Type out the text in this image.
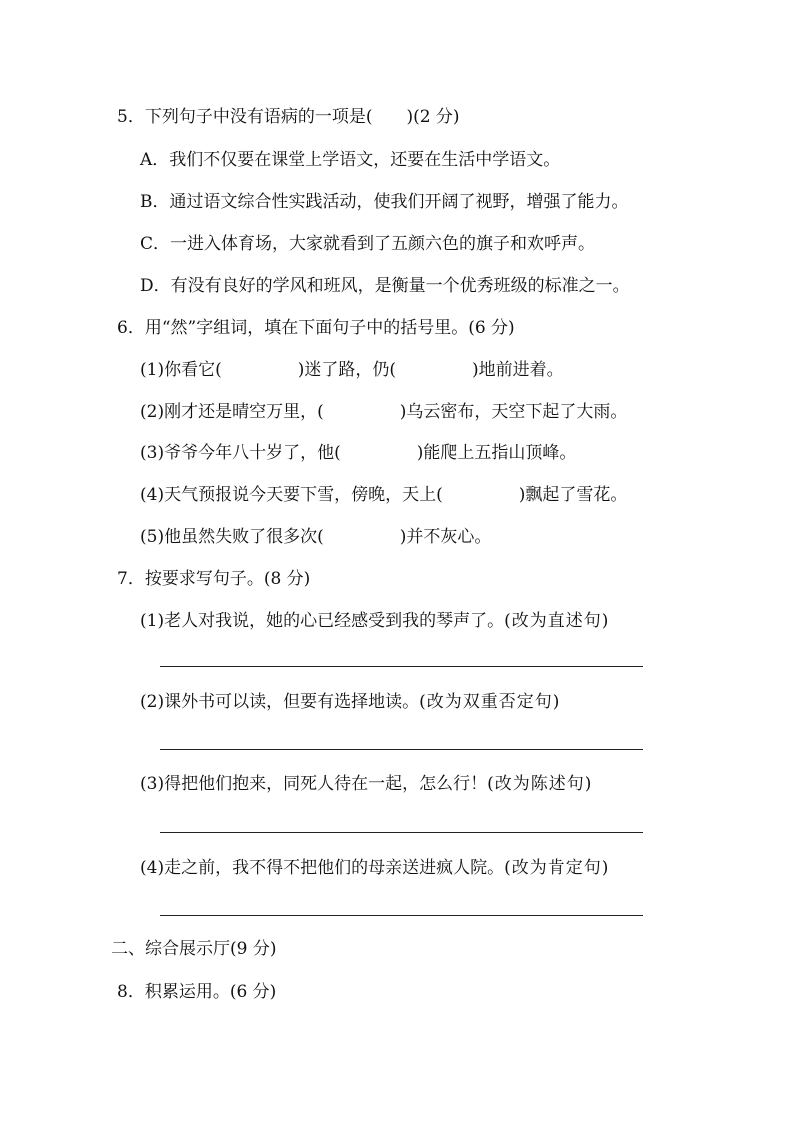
5．下列句子中没有语病的一项是(　　)(2 分)
A．我们不仅要在课堂上学语文，还要在生活中学语文。
B．通过语文综合性实践活动，使我们开阔了视野，增强了能力。
C．一进入体育场，大家就看到了五颜六色的旗子和欢呼声。
D．有没有良好的学风和班风，是衡量一个优秀班级的标准之一。
6．用“然”字组词，填在下面句子中的括号里。(6 分)
(1)你看它(	)迷了路，仍(	)地前进着。
(2)刚才还是晴空万里，(	)乌云密布，天空下起了大雨。
(3)爷爷今年八十岁了，他(	)能爬上五指山顶峰。
(4)天气预报说今天要下雪，傍晚，天上(	)飘起了雪花。
(5)他虽然失败了很多次(	)并不灰心。
7．按要求写句子。(8 分)
(1)老人对我说，她的心已经感受到我的琴声了。(改为直述句)
(2)课外书可以读，但要有选择地读。(改为双重否定句)
(3)得把他们抱来，同死人待在一起，怎么行！(改为陈述句)
(4)走之前，我不得不把他们的母亲送进疯人院。(改为肯定句)
二、综合展示厅(9 分)
8．积累运用。(6 分)
